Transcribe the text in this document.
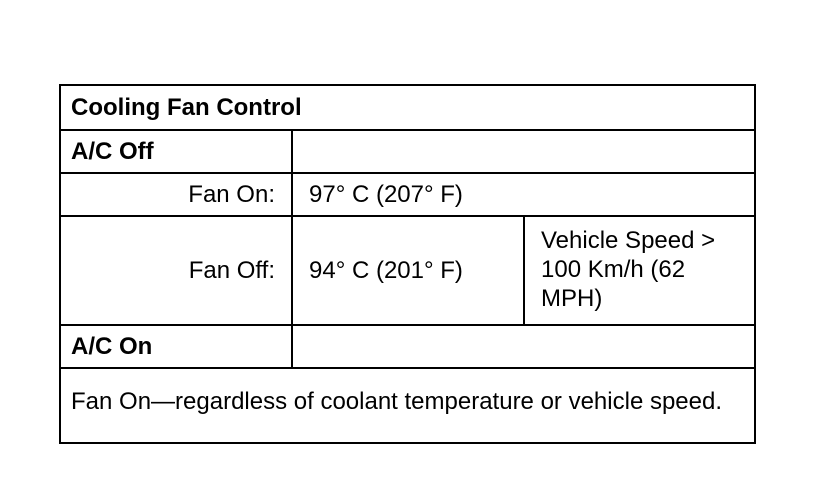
Cooling Fan Control		
A/C Off		
Fan On:	97° C (207° F)	
Fan Off:	94° C (201° F)	Vehicle Speed > 100 Km/h (62 MPH)
A/C On		
Fan On—regardless of coolant temperature or vehicle speed.		
